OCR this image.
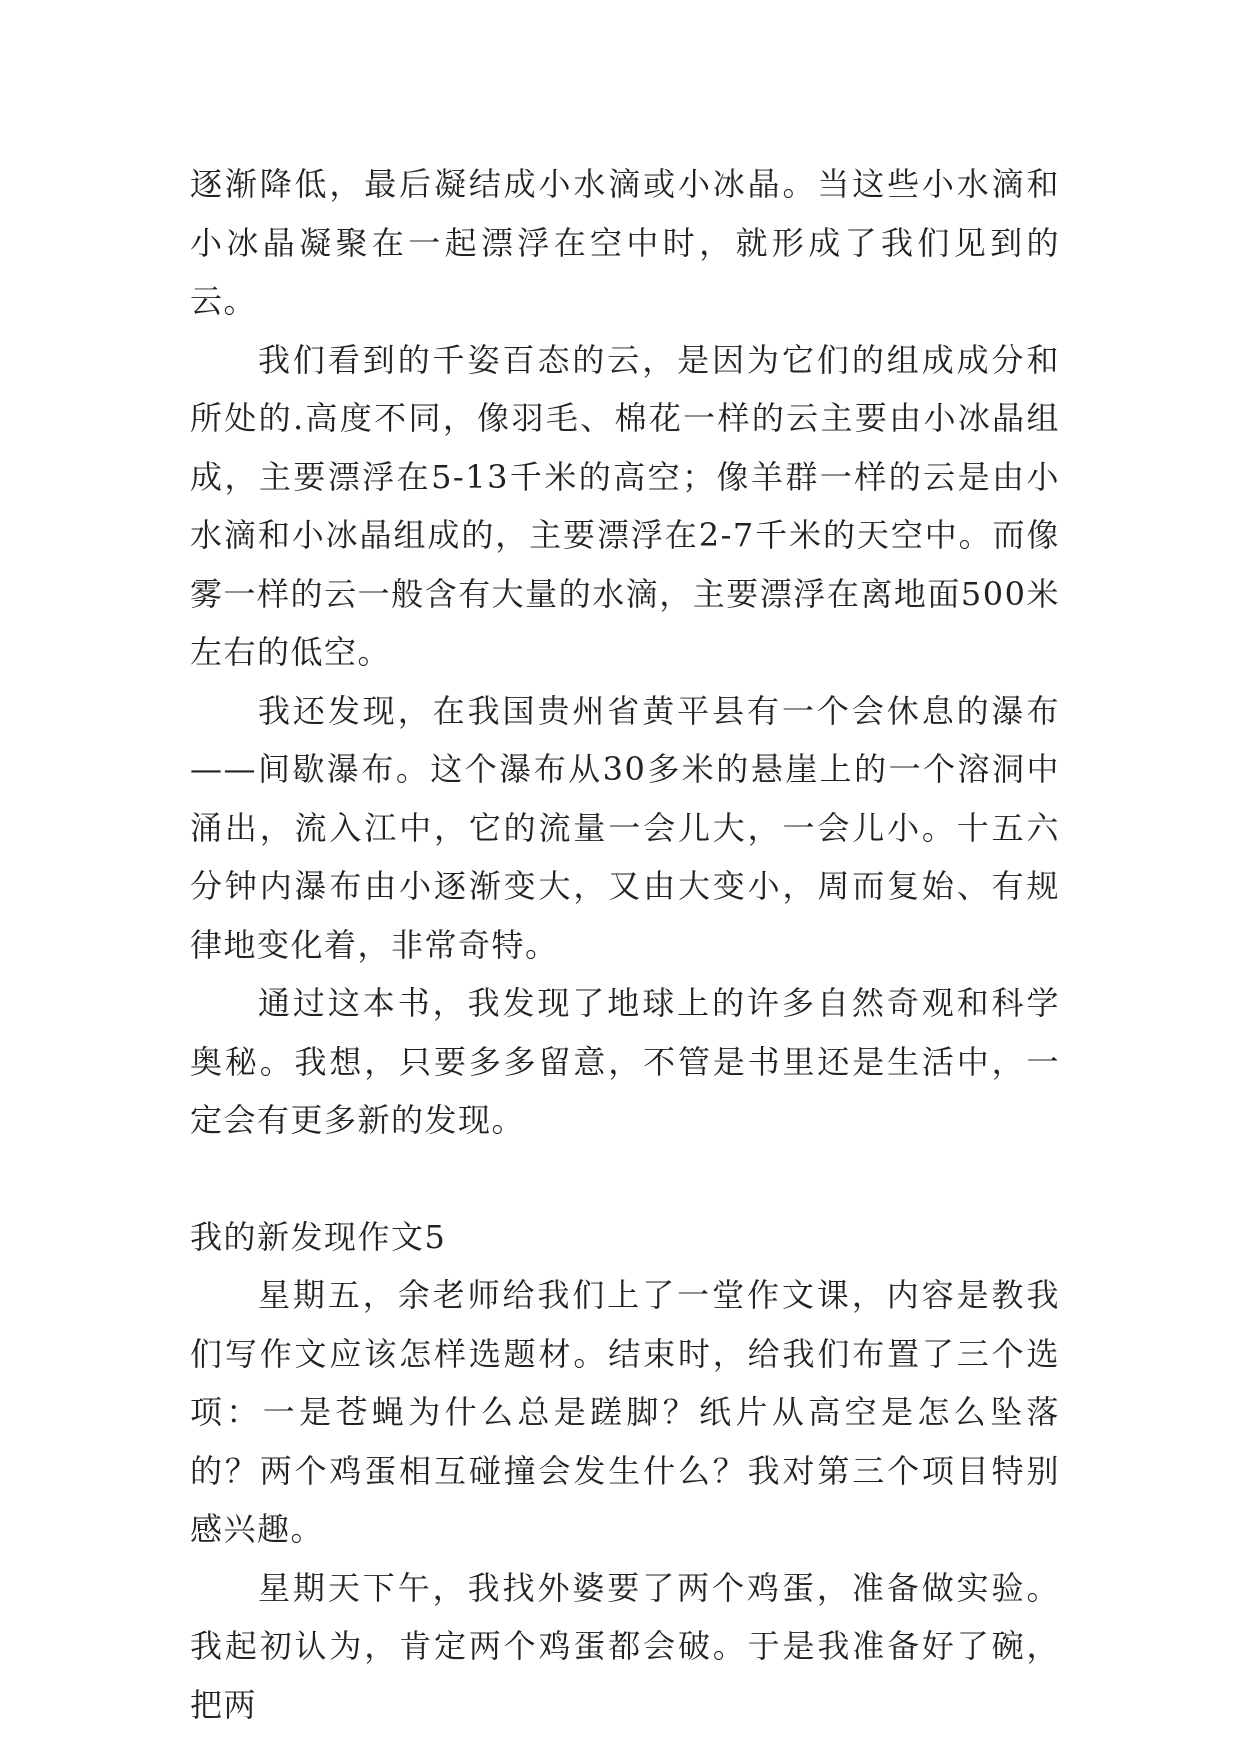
逐渐降低，最后凝结成小水滴或小冰晶。当这些小水滴和小冰晶凝聚在一起漂浮在空中时，就形成了我们见到的云。

我们看到的千姿百态的云，是因为它们的组成成分和所处的.高度不同，像羽毛、棉花一样的云主要由小冰晶组成，主要漂浮在5-13千米的高空；像羊群一样的云是由小水滴和小冰晶组成的，主要漂浮在2-7千米的天空中。而像雾一样的云一般含有大量的水滴，主要漂浮在离地面500米左右的低空。

我还发现，在我国贵州省黄平县有一个会休息的瀑布——间歇瀑布。这个瀑布从30多米的悬崖上的一个溶洞中涌出，流入江中，它的流量一会儿大，一会儿小。十五六分钟内瀑布由小逐渐变大，又由大变小，周而复始、有规律地变化着，非常奇特。

通过这本书，我发现了地球上的许多自然奇观和科学奥秘。我想，只要多多留意，不管是书里还是生活中，一定会有更多新的发现。

我的新发现作文5

星期五，余老师给我们上了一堂作文课，内容是教我们写作文应该怎样选题材。结束时，给我们布置了三个选项：一是苍蝇为什么总是蹉脚？纸片从高空是怎么坠落的？两个鸡蛋相互碰撞会发生什么？我对第三个项目特别感兴趣。

星期天下午，我找外婆要了两个鸡蛋，准备做实验。我起初认为，肯定两个鸡蛋都会破。于是我准备好了碗，把两
